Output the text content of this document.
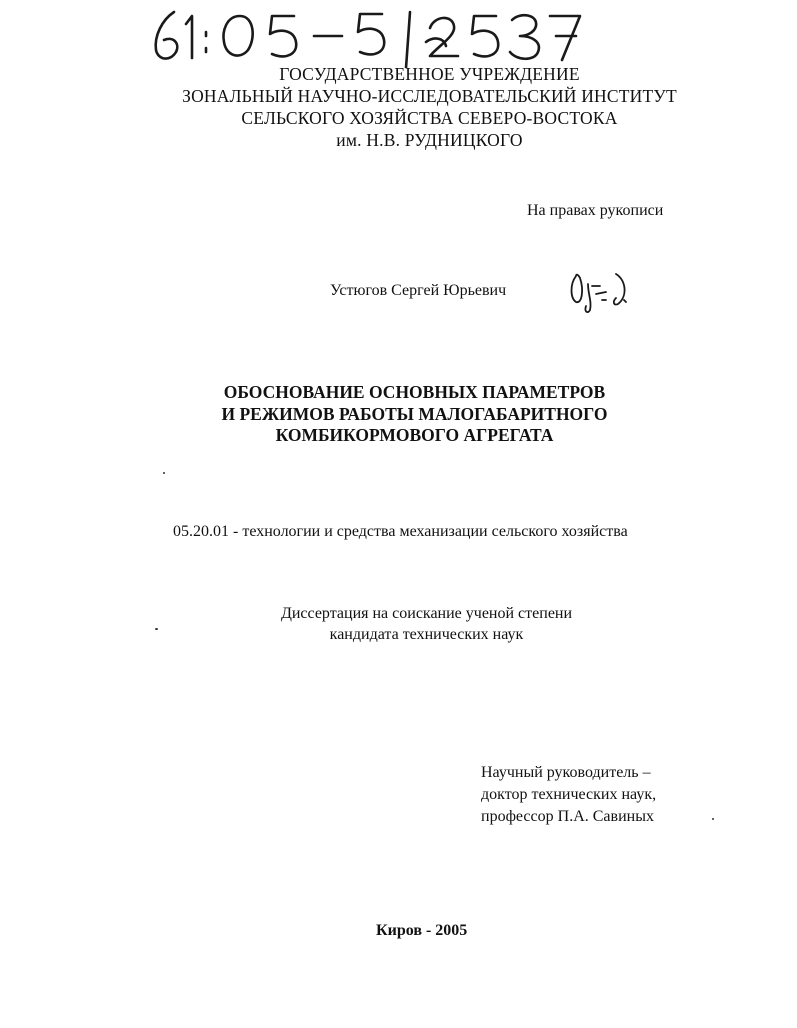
ГОСУДАРСТВЕННОЕ УЧРЕЖДЕНИЕ
ЗОНАЛЬНЫЙ НАУЧНО-ИССЛЕДОВАТЕЛЬСКИЙ ИНСТИТУТ
СЕЛЬСКОГО ХОЗЯЙСТВА СЕВЕРО-ВОСТОКА
им. Н.В. РУДНИЦКОГО
На правах рукописи
Устюгов Сергей Юрьевич
ОБОСНОВАНИЕ ОСНОВНЫХ ПАРАМЕТРОВ
И РЕЖИМОВ РАБОТЫ МАЛОГАБАРИТНОГО
КОМБИКОРМОВОГО АГРЕГАТА
05.20.01 - технологии и средства механизации сельского хозяйства
Диссертация на соискание ученой степени
кандидата технических наук
Научный руководитель –
доктор технических наук,
профессор П.А. Савиных
Киров - 2005
